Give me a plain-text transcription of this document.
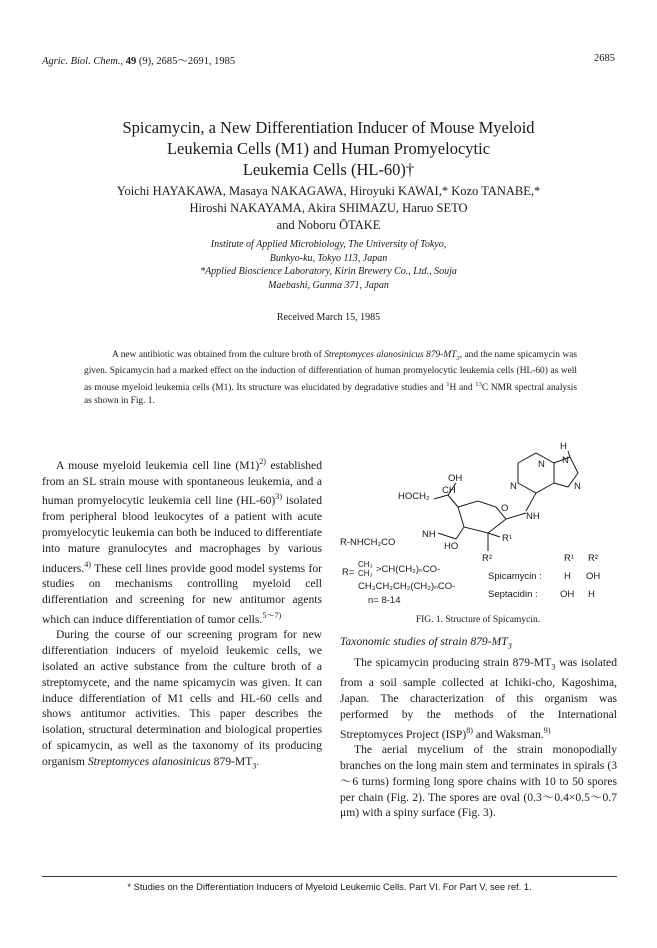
Agric. Biol. Chem., 49 (9), 2685～2691, 1985	2685
Spicamycin, a New Differentiation Inducer of Mouse Myeloid
Leukemia Cells (M1) and Human Promyelocytic
Leukemia Cells (HL-60)†
Yoichi HAYAKAWA, Masaya NAKAGAWA, Hiroyuki KAWAI,* Kozo TANABE,*
Hiroshi NAKAYAMA, Akira SHIMAZU, Haruo SETO
and Noboru ŌTAKE
Institute of Applied Microbiology, The University of Tokyo,
Bunkyo-ku, Tokyo 113, Japan
*Applied Bioscience Laboratory, Kirin Brewery Co., Ltd., Souja
Maebashi, Gunma 371, Japan
Received March 15, 1985
A new antibiotic was obtained from the culture broth of Streptomyces alanosinicus $879-MT_3$, and the name spicamycin was given. Spicamycin had a marked effect on the induction of differentiation of human promyelocytic leukemia cells (HL-60) as well as mouse myeloid leukemia cells (M1). Its structure was elucidated by degradative studies and $^1$H and $^{13}$C NMR spectral analysis as shown in Fig. 1.

A mouse myeloid leukemia cell line $(M1)^{2)}$ established from an SL strain mouse with spontaneous leukemia, and a human promyelocytic leukemia cell line $(HL-60)^{3)}$ isolated from peripheral blood leukocytes of a patient with acute promyelocytic leukemia can both be induced to differentiate into mature granulocytes and macrophages by various inducers.$^{4)}$ These cell lines provide good model systems for studies on mechanisms controlling myeloid cell differentiation and screening for new antitumor agents which can induce differentiation of tumor cells.$^{5\sim 7)}$

During the course of our screening program for new differentiation inducers of myeloid leukemic cells, we isolated an active substance from the culture broth of a streptomycete, and the name spicamycin was given. It can induce differentiation of M1 cells and HL-60 cells and shows antitumor activities. This paper describes the isolation, structural determination and biological properties of spicamycin, as well as the taxonomy of its producing organism Streptomyces alanosinicus $879-MT_3$.

H
N N
N	N
NH
HOCH₂
OH
CH
O
R¹
R²
HO
NH
R-NHCH₂CO
R=
CH₃
CH₃ >CH(CH₂)ₙCO-
CH₃CH₂CH₂(CH₂)ₙCO-
n= 8-14
R¹ R²
Spicamycin : H OH
Septacidin : OH H
FIG. 1. Structure of Spicamycin.

Taxonomic studies of strain $879-MT_3$

The spicamycin producing strain $879-MT_3$ was isolated from a soil sample collected at Ichiki-cho, Kagoshima, Japan. The characterization of this organism was performed by the methods of the International Streptomyces Project (ISP)$^{8)}$ and Waksman.$^{9)}$

The aerial mycelium of the strain monopodially branches on the long main stem and terminates in spirals (3～6 turns) forming long spore chains with 10 to 50 spores per chain (Fig. 2). The spores are oval (0.3～0.4×0.5～0.7 μm) with a spiny surface (Fig. 3).

* Studies on the Differentiation Inducers of Myeloid Leukemic Cells. Part VI. For Part V, see ref. 1.
